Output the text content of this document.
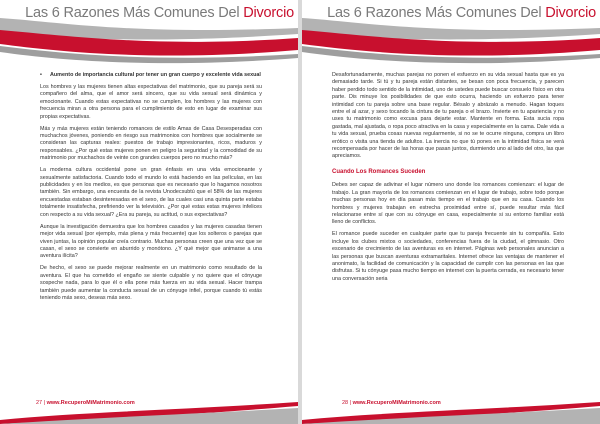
Las 6 Razones Más Comunes Del Divorcio
• Aumento de importancia cultural por tener un gran cuerpo y excelente vida sexual

Los hombres y las mujeres tienen altas expectativas del matrimonio, que su pareja será su compañero del alma, que el amor será sincero, que su vida sexual será dinámica y emocionante. Cuando estas expectativas no se cumplen, los hombres y las mujeres con frecuencia miran a otra persona para el cumplimiento de esto en lugar de examinar sus propias expectativas.

Más y más mujeres están teniendo romances de estilo Amas de Casa Desesperadas con muchachos jóvenes, poniendo en riesgo sus matrimonios con hombres que socialmente se consideran las capturas reales: puestos de trabajo impresionantes, ricos, maduros y responsables. ¿Por qué estas mujeres ponen en peligro la seguridad y la comodidad de su matrimonio por muchachos de veinte con grandes cuerpos pero no mucho más?

La moderna cultura occidental pone un gran énfasis en una vida emocionante y sexualmente satisfactoria. Cuando todo el mundo lo está haciendo en las películas, en las publicidades y en los medios, es que personas que es necesario que lo hagamos nosotros también. Sin embargo, una encuesta de la revista Unodecsubtú que el 58% de las mujeres encuestadas estaban desinteresadas en el sexo, de las cuales casi una quinta parte estaba totalmente insatisfecha, prefiriendo ver la televisión. ¿Por qué estas estas mujeres infelices con respecto a su vida sexual? ¿Era su pareja, su actitud, o sus expectativas?

Aunque la investigación demuestra que los hombres casados y las mujeres casadas tienen mejor vida sexual (por ejemplo, más plena y más frecuente) que los solteros o parejas que viven juntas, la opinión popular creía contrario. Muchas personas creen que una vez que se casan, el sexo se convierte en aburrido y monótono. ¿Y qué mejor que animarse a una aventura ilícita?

De hecho, el sexo se puede mejorar realmente en un matrimonio como resultado de la aventura. El que ha cometido el engaño se siente culpable y no quiere que el cónyuge sospeche nada, para lo que él o ella pone más fuerza en su vida sexual. Hacer trampa también puede aumentar la conducta sexual de un cónyuge infiel, porque cuando tú estás teniendo más sexo, deseas más sexo.

27 | www.RecuperoMiMatrimonio.com
Las 6 Razones Más Comunes Del Divorcio

Desafortunadamente, muchas parejas no ponen el esfuerzo en su vida sexual hasta que es ya demasiado tarde. Si tú y tu pareja están distantes, se besan con poca frecuencia, y parecen haber perdido todo sentido de la intimidad, uno de ustedes puede buscar consuelo físico en otra parte. Dis minuye los posibilidades de que esto ocurra, haciendo un esfuerzo para tener intimidad con tu pareja sobre una base regular. Bésalo y abrázalo a menudo. Hagan toques entre el al azar, y sexo tocando la cintura de tu pareja o el brazo. Invierte en tu apariencia y no uses tu matrimonio como excusa para dejarte estar. Mantente en forma. Esta sucia ropa gastada, mal ajustada, o ropa poco atractiva en la casa y especialmente en la cama. Dale vida a tu vida sexual, prueba cosas nuevas regularmente, si no se te ocurre ninguna, compra un libro erótico o visita una tienda de adultos. La inercia no que tú pones en la intimidad física se verá recompensada por hacer de las horas que pasan juntos, durmiendo uno al lado del otro, las que apreciamos.

Cuando Los Romances Suceden

Debes ser capaz de adivinar el lugar número uno donde los romances comienzan: el lugar de trabajo. La gran mayoría de los romances comienzan en el lugar de trabajo, sobre todo porque muchas personas hoy en día pasan más tiempo en el trabajo que en su casa. Cuando los hombres y mujeres trabajan en estrecha proximidad entre sí, puede resultar más fácil relacionarse entre sí que con su cónyuge en casa, especialmente si su entorno familiar está lleno de conflictos.

El romance puede suceder en cualquier parte que tu pareja frecuente sin tu compañía. Esto incluye los clubes mixtos o sociedades, conferencias fuera de la ciudad, el gimnasio. Otro escenario de crecimiento de las aventuras es en internet. Páginas web personales anuncian a las personas que buscan aventuras extramaritales. Internet ofrece las ventajas de mantener el anonimato, la facilidad de comunicación y la capacidad de cumplir con las personas en las que disfrutas. Si tu cónyuge pasa mucho tiempo en internet con la puerta cerrada, es necesario tener una conversación seria

28 | www.RecuperoMiMatrimonio.com
